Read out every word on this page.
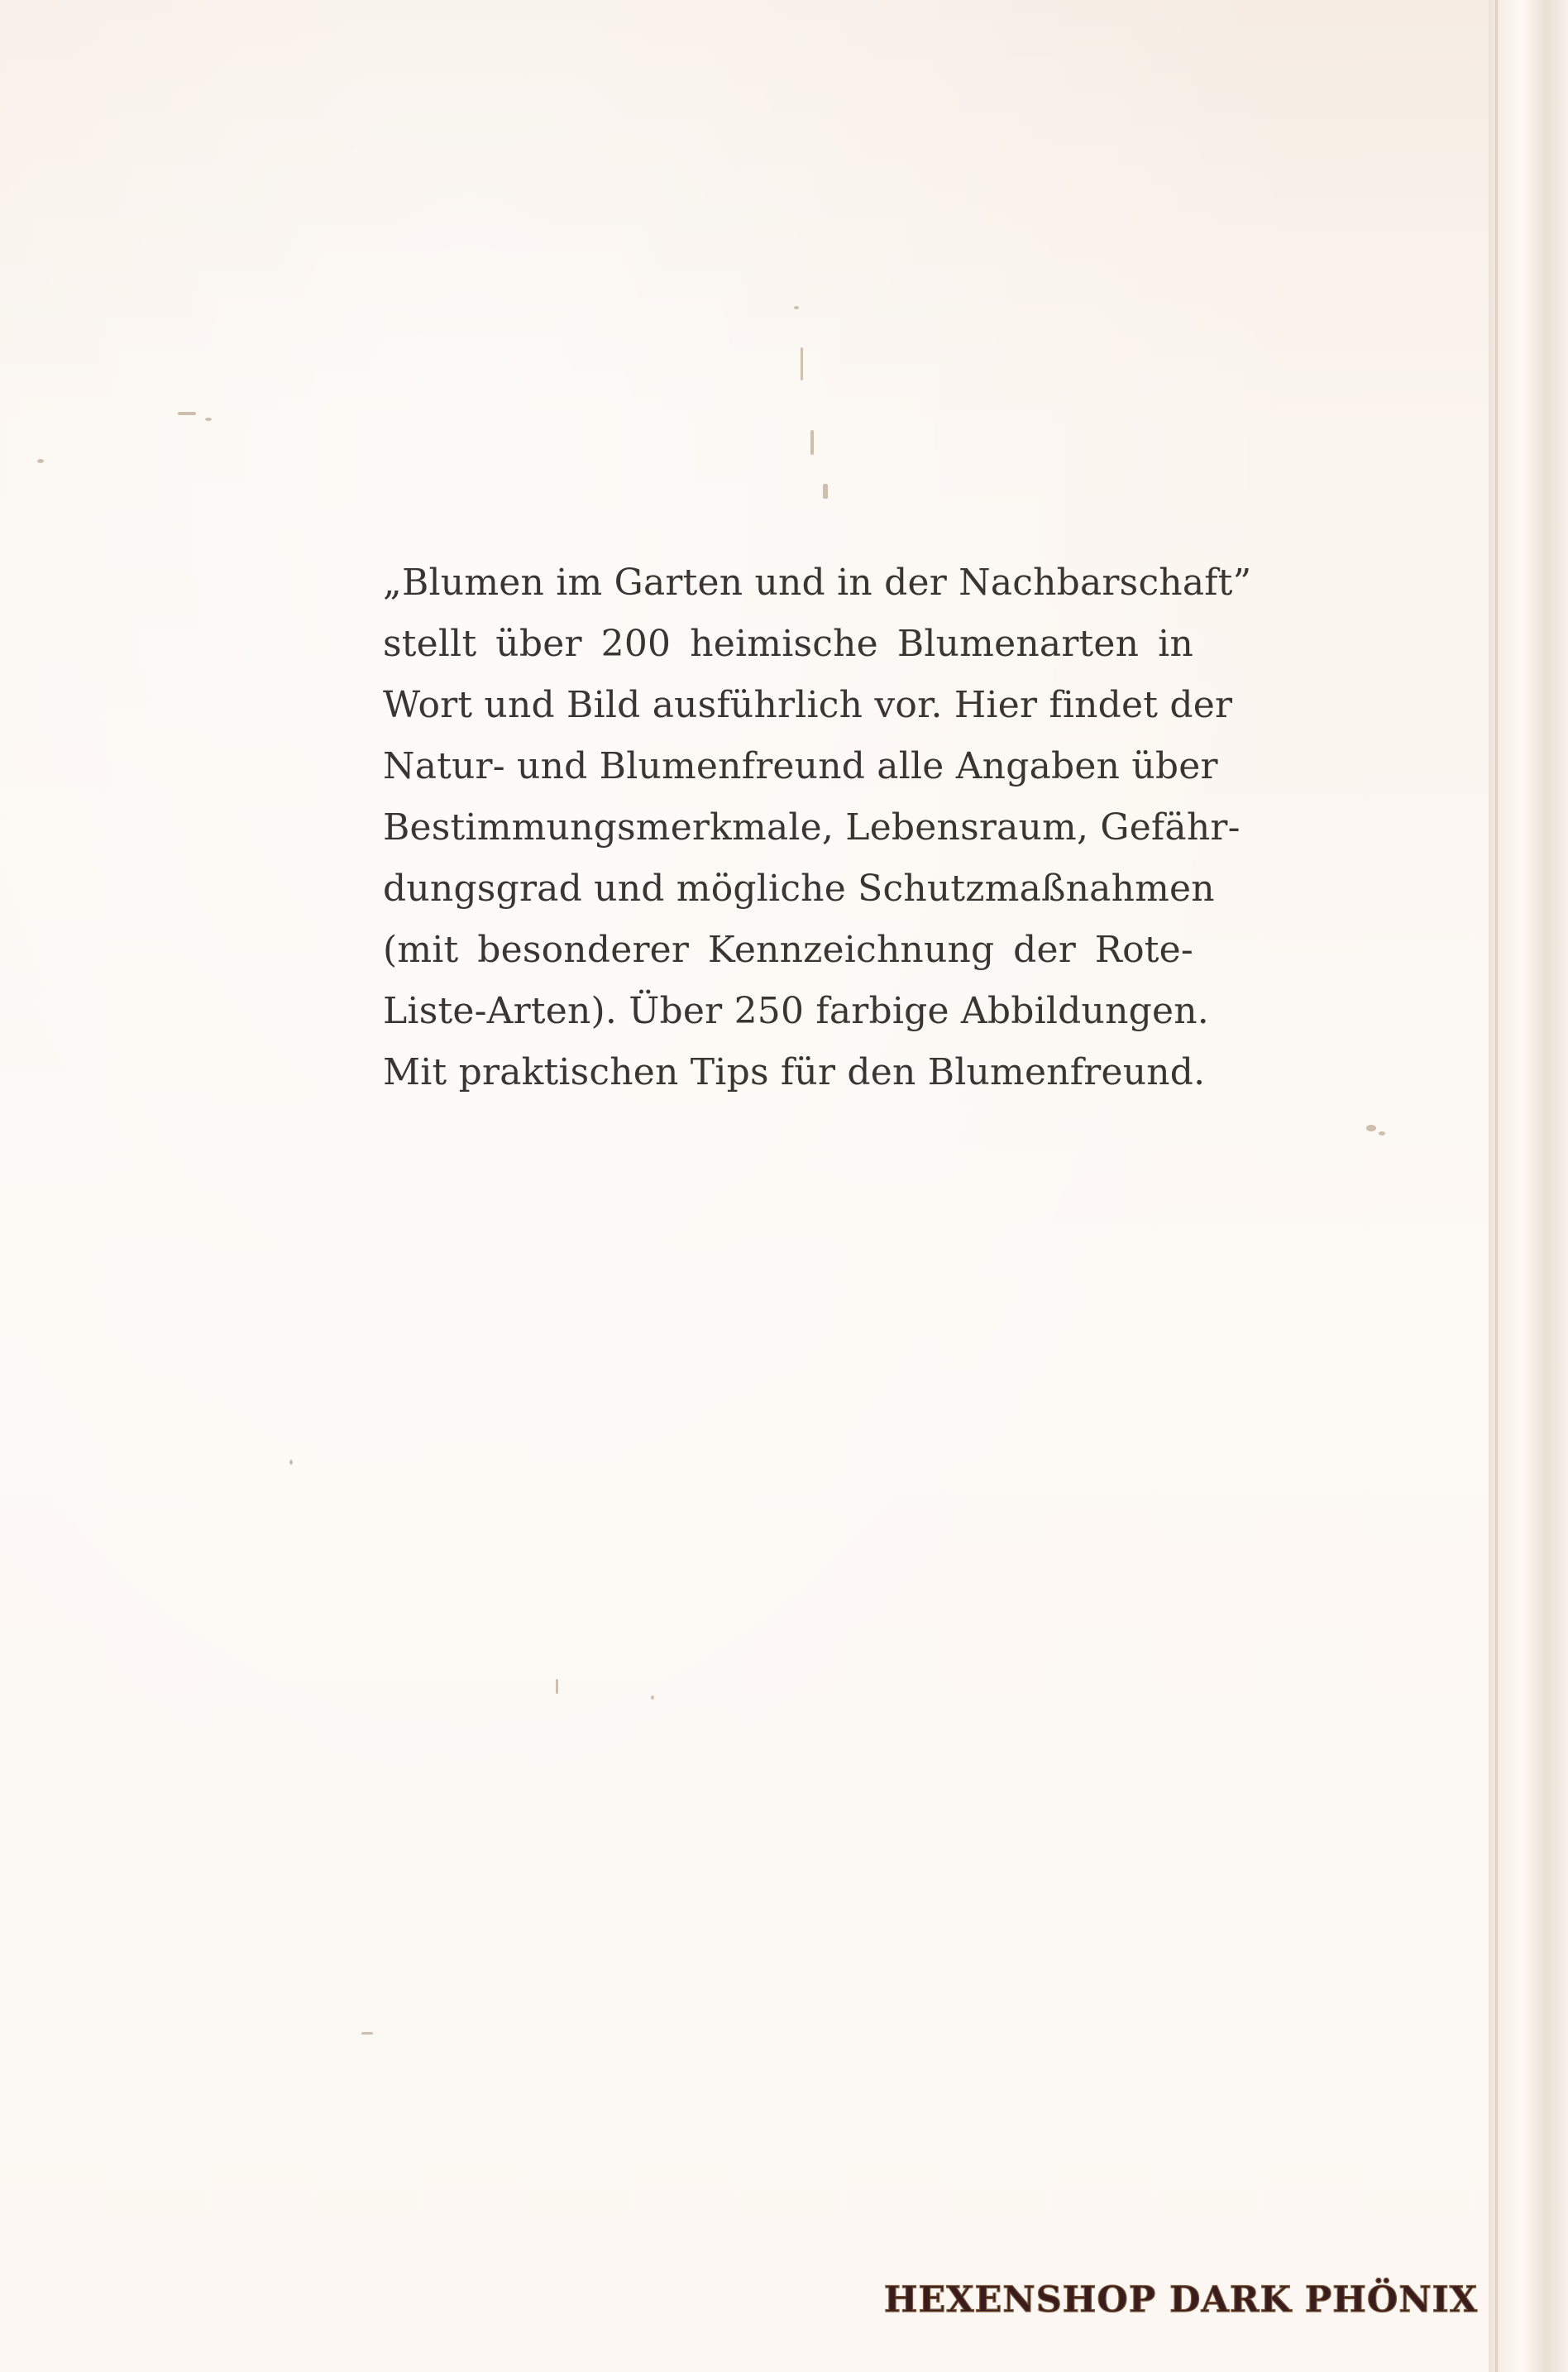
„Blumen im Garten und in der Nachbarschaft”
stellt über 200 heimische Blumenarten in
Wort und Bild ausführlich vor. Hier findet der
Natur- und Blumenfreund alle Angaben über
Bestimmungsmerkmale, Lebensraum, Gefähr-
dungsgrad und mögliche Schutzmaßnahmen
(mit besonderer Kennzeichnung der Rote-
Liste-Arten). Über 250 farbige Abbildungen.
Mit praktischen Tips für den Blumenfreund.
HEXENSHOP DARK PHÖNIX
